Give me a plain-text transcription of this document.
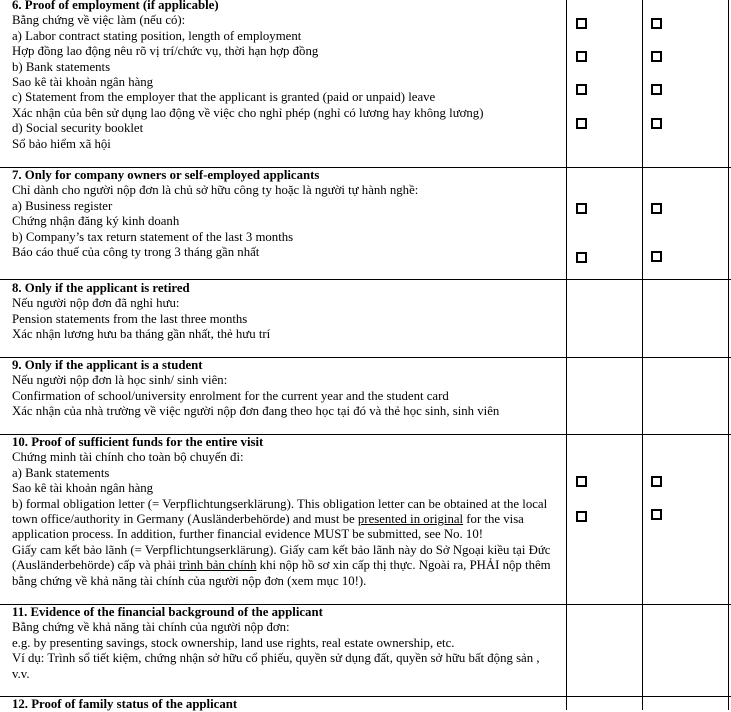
6. Proof of employment (if applicable)
Bằng chứng về việc làm (nếu có):
a) Labor contract stating position, length of employment
Hợp đồng lao động nêu rõ vị trí/chức vụ, thời hạn hợp đồng
b) Bank statements
Sao kê tài khoản ngân hàng
c) Statement from the employer that the applicant is granted (paid or unpaid) leave
Xác nhận của bên sử dụng lao động về việc cho nghỉ phép (nghỉ có lương hay không lương)
d) Social security booklet
Sổ bảo hiểm xã hội
7. Only for company owners or self-employed applicants
Chỉ dành cho người nộp đơn là chủ sở hữu công ty hoặc là người tự hành nghề:
a) Business register
Chứng nhận đăng ký kinh doanh
b) Company’s tax return statement of the last 3 months
Báo cáo thuế của công ty trong 3 tháng gần nhất
8. Only if the applicant is retired
Nếu người nộp đơn đã nghỉ hưu:
Pension statements from the last three months
Xác nhận lương hưu ba tháng gần nhất, thẻ hưu trí
9. Only if the applicant is a student
Nếu người nộp đơn là học sinh/ sinh viên:
Confirmation of school/university enrolment for the current year and the student card
Xác nhận của nhà trường về việc người nộp đơn đang theo học tại đó và thẻ học sinh, sinh viên
10. Proof of sufficient funds for the entire visit
Chứng minh tài chính cho toàn bộ chuyến đi:
a) Bank statements
Sao kê tài khoản ngân hàng
b) formal obligation letter (= Verpflichtungserklärung). This obligation letter can be obtained at the local town office/authority in Germany (Ausländerbehörde) and must be presented in original for the visa application process. In addition, further financial evidence MUST be submitted, see No. 10!
Giấy cam kết bảo lãnh (= Verpflichtungserklärung). Giấy cam kết bảo lãnh này do Sở Ngoại kiều tại Đức (Ausländerbehörde) cấp và phải trình bản chính khi nộp hồ sơ xin cấp thị thực. Ngoài ra, PHẢI nộp thêm bằng chứng về khả năng tài chính của người nộp đơn (xem mục 10!).
11. Evidence of the financial background of the applicant
Bằng chứng về khả năng tài chính của người nộp đơn:
e.g. by presenting savings, stock ownership, land use rights, real estate ownership, etc.
Ví dụ: Trình sổ tiết kiệm, chứng nhận sở hữu cổ phiếu, quyền sử dụng đất, quyền sở hữu bất động sản , v.v.
12. Proof of family status of the applicant
